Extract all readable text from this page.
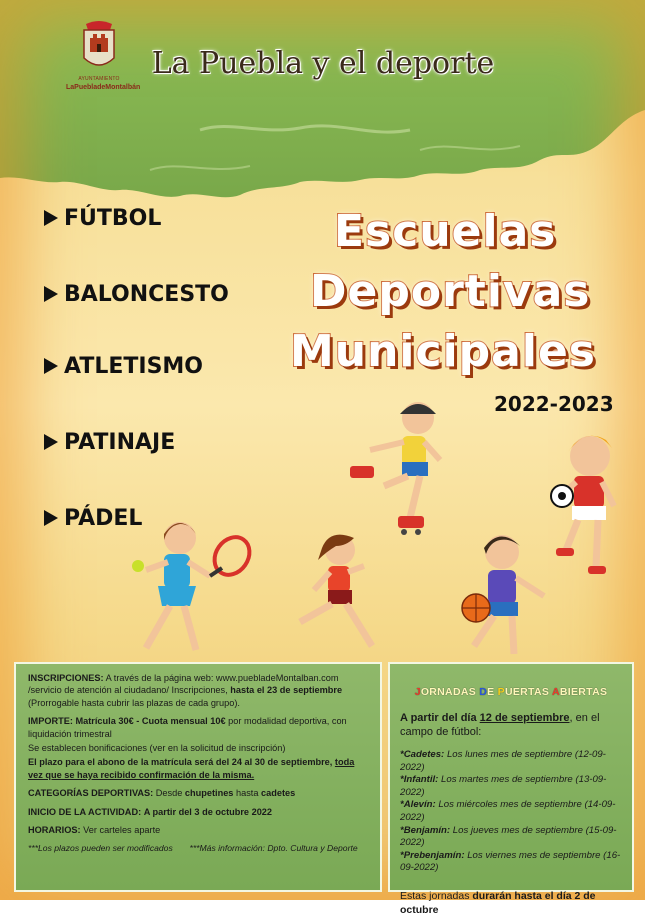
AYUNTAMIENTO
LaPuebladeMontalbán
La Puebla y el deporte
FÚTBOL
BALONCESTO
ATLETISMO
PATINAJE
PÁDEL
Escuelas
Deportivas
Municipales
2022-2023

INSCRIPCIONES: A través de la página web: www.puebladeMontalban.com /servicio de atención al ciudadano/ Inscripciones, hasta el 23 de septiembre (Prorrogable hasta cubrir las plazas de cada grupo).

IMPORTE: Matrícula 30€ - Cuota mensual 10€ por modalidad deportiva, con liquidación trimestral

Se establecen bonificaciones (ver en la solicitud de inscripción)

El plazo para el abono de la matrícula será del 24 al 30 de septiembre, toda vez que se haya recibido confirmación de la misma.

CATEGORÍAS DEPORTIVAS: Desde chupetines hasta cadetes

INICIO DE LA ACTIVIDAD: A partir del 3 de octubre 2022

HORARIOS: Ver carteles aparte

***Los plazos pueden ser modificados ***Más información: Dpto. Cultura y Deporte
JORNADAS DE PUERTAS ABIERTAS

A partir del día 12 de septiembre, en el campo de fútbol:

*Cadetes: Los lunes mes de septiembre (12-09-2022)
*Infantil: Los martes mes de septiembre (13-09-2022)
*Alevín: Los miércoles mes de septiembre (14-09-2022)
*Benjamín: Los jueves mes de septiembre (15-09-2022)
*Prebenjamín: Los viernes mes de septiembre (16-09-2022)

Estas jornadas durarán hasta el día 2 de octubre
